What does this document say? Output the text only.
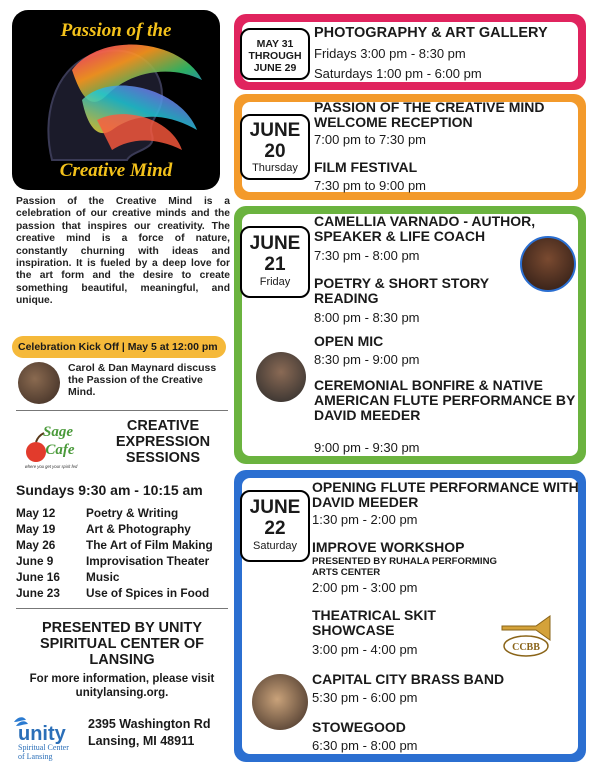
Passion of the
Creative Mind
Passion of the Creative Mind is a celebration of our creative minds and the passion that inspires our creativity. The creative mind is a force of nature, constantly churning with ideas and inspiration. It is fueled by a deep love for the art form and the desire to create something beautiful, meaningful, and unique.
Celebration Kick Off | May 5 at 12:00 pm
Carol & Dan Maynard discuss the Passion of the Creative Mind.
Sage
Cafe
where you get your spirit fed
CREATIVE EXPRESSION SESSIONS
Sundays 9:30 am - 10:15 am
May 12	Poetry & Writing
May 19	Art & Photography
May 26	The Art of Film Making
June 9	Improvisation Theater
June 16 Music
June 23 Use of Spices in Food
PRESENTED BY UNITY SPIRITUAL CENTER OF LANSING
For more information, please visit unitylansing.org.
unity
Spiritual Center
of Lansing
2395 Washington Rd
Lansing, MI 48911
MAY 31
THROUGH
JUNE 29
PHOTOGRAPHY & ART GALLERY
Fridays 3:00 pm - 8:30 pm
Saturdays 1:00 pm - 6:00 pm
JUNE
20
Thursday
PASSION OF THE CREATIVE MIND WELCOME RECEPTION
7:00 pm to 7:30 pm
FILM FESTIVAL
7:30 pm to 9:00 pm
JUNE
21
Friday
CAMELLIA VARNADO - AUTHOR, SPEAKER & LIFE COACH
7:30 pm - 8:00 pm
POETRY & SHORT STORY READING
8:00 pm - 8:30 pm
OPEN MIC
8:30 pm - 9:00 pm
CEREMONIAL BONFIRE & NATIVE AMERICAN FLUTE PERFORMANCE BY DAVID MEEDER
9:00 pm - 9:30 pm
JUNE
22
Saturday
OPENING FLUTE PERFORMANCE WITH DAVID MEEDER
1:30 pm - 2:00 pm
IMPROVE WORKSHOP
PRESENTED BY RUHALA PERFORMING ARTS CENTER
2:00 pm - 3:00 pm
THEATRICAL SKIT SHOWCASE
3:00 pm - 4:00 pm	CCBB
CAPITAL CITY BRASS BAND
5:30 pm - 6:00 pm
STOWEGOOD
6:30 pm - 8:00 pm
